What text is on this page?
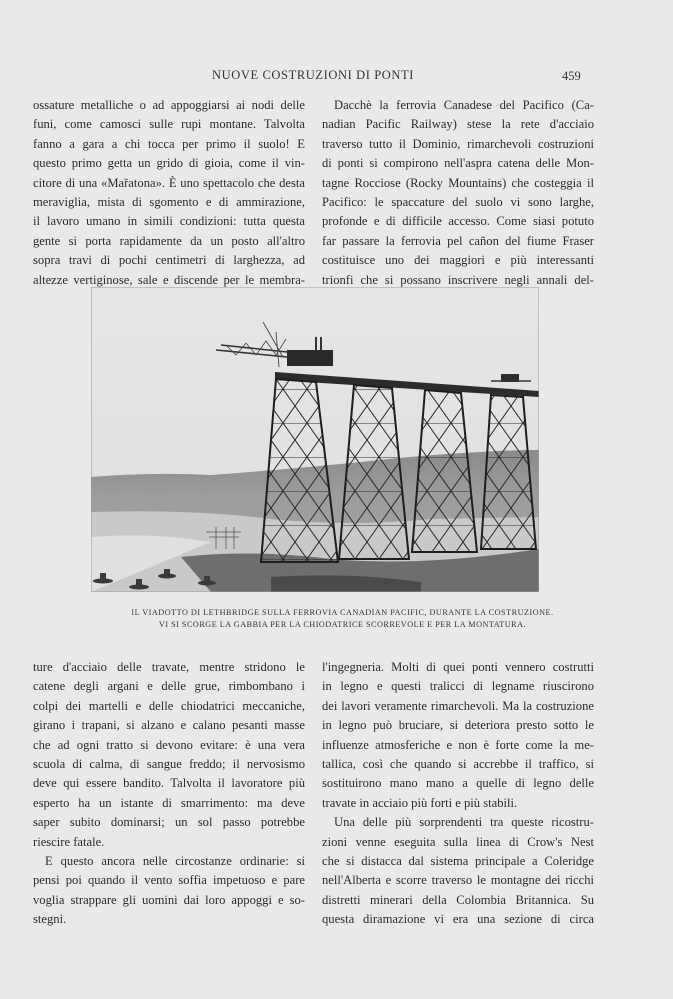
NUOVE COSTRUZIONI DI PONTI	459
ossature metalliche o ad appoggiarsi ai nodi delle
funi, come camosci sulle rupi montane. Talvolta
fanno a gara a chi tocca per primo il suolo! E
questo primo getta un grido di gioia, come il vin-
citore di una «Mařatona». È uno spettacolo che desta
meraviglia, mista di sgomento e di ammirazione,
il lavoro umano in simili condizioni: tutta questa
gente si porta rapidamente da un posto all'altro
sopra travi di pochi centimetri di larghezza, ad
altezze vertiginose, sale e discende per le membra-
Dacchè la ferrovia Canadese del Pacifico (Ca-
nadian Pacific Railway) stese la rete d'acciaio
traverso tutto il Dominio, rimarchevoli costruzioni
di ponti si compirono nell'aspra catena delle Mon-
tagne Rocciose (Rocky Mountains) che costeggia il
Pacifico: le spaccature del suolo vi sono larghe,
profonde e di difficile accesso. Come siasi potuto
far passare la ferrovia pel cañon del fiume Fraser
costituisce uno dei maggiori e più interessanti
trionfi che si possano inscrivere negli annali del-
IL VIADOTTO DI LETHBRIDGE SULLA FERROVIA CANADIAN PACIFIC, DURANTE LA COSTRUZIONE.
VI SI SCORGE LA GABBIA PER LA CHIODATRICE SCORREVOLE E PER LA MONTATURA.
ture d'acciaio delle travate, mentre stridono le
catene degli argani e delle grue, rimbombano i
colpi dei martelli e delle chiodatrici meccaniche,
girano i trapani, si alzano e calano pesanti masse
che ad ogni tratto si devono evitare: è una vera
scuola di calma, di sangue freddo; il nervosismo
deve qui essere bandito. Talvolta il lavoratore più
esperto ha un istante di smarrimento: ma deve
saper subito dominarsi; un sol passo potrebbe
riescire fatale.
E questo ancora nelle circostanze ordinarie: si
pensi poi quando il vento soffia impetuoso e pare
voglia strappare gli uomini dai loro appoggi e so-
stegni.
l'ingegneria. Molti di quei ponti vennero costrutti
in legno e questi tralicci di legname riuscirono
dei lavori veramente rimarchevoli. Ma la costruzione
in legno può bruciare, si deteriora presto sotto le
influenze atmosferiche e non è forte come la me-
tallica, così che quando si accrebbe il traffico, si
sostituirono mano mano a quelle di legno delle
travate in acciaio più forti e più stabili.
Una delle più sorprendenti tra queste ricostru-
zioni venne eseguita sulla linea di Crow's Nest
che si distacca dal sistema principale a Coleridge
nell'Alberta e scorre traverso le montagne dei ricchi
distretti minerari della Colombia Britannica. Su
questa diramazione vi era una sezione di circa
